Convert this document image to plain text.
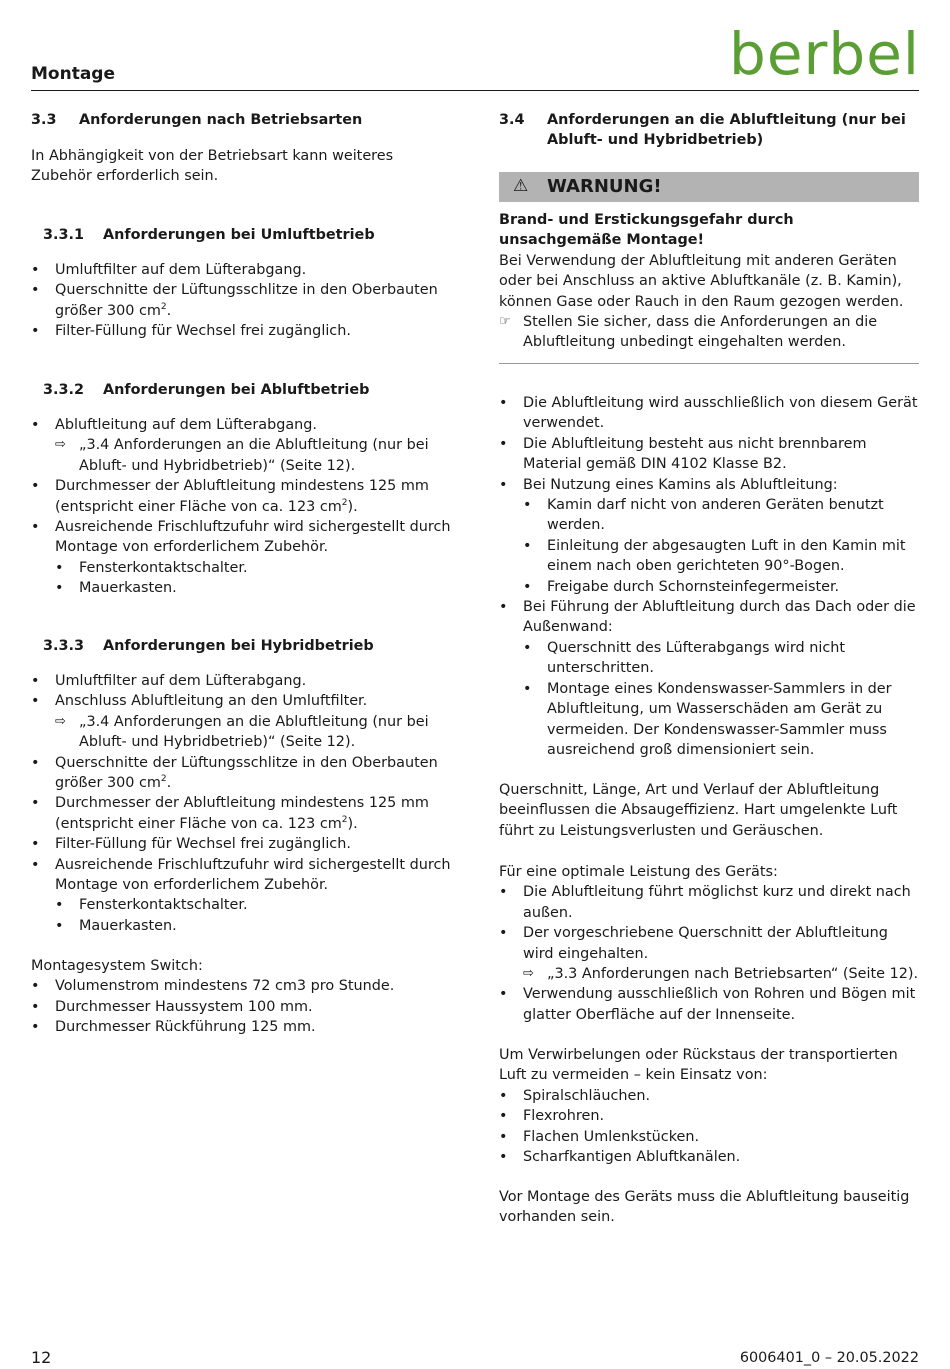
berbel
Montage

3.3 Anforderungen nach Betriebsarten

In Abhängigkeit von der Betriebsart kann weiteres Zubehör erforderlich sein.

3.3.1 Anforderungen bei Umluftbetrieb

• Umluftfilter auf dem Lüfterabgang.
• Querschnitte der Lüftungsschlitze in den Oberbauten größer 300 $cm^2$.
• Filter-Füllung für Wechsel frei zugänglich.

3.3.2 Anforderungen bei Abluftbetrieb

• Abluftleitung auf dem Lüfterabgang.
⇨ „3.4 Anforderungen an die Abluftleitung (nur bei Abluft- und Hybridbetrieb)“ (Seite 12).
• Durchmesser der Abluftleitung mindestens 125 mm (entspricht einer Fläche von ca. 123 $cm^2$).
• Ausreichende Frischluftzufuhr wird sichergestellt durch Montage von erforderlichem Zubehör.
• Fensterkontaktschalter.
• Mauerkasten.

3.3.3 Anforderungen bei Hybridbetrieb

• Umluftfilter auf dem Lüfterabgang.
• Anschluss Abluftleitung an den Umluftfilter.
⇨ „3.4 Anforderungen an die Abluftleitung (nur bei Abluft- und Hybridbetrieb)“ (Seite 12).
• Querschnitte der Lüftungsschlitze in den Oberbauten größer 300 $cm^2$.
• Durchmesser der Abluftleitung mindestens 125 mm (entspricht einer Fläche von ca. 123 $cm^2$).
• Filter-Füllung für Wechsel frei zugänglich.
• Ausreichende Frischluftzufuhr wird sichergestellt durch Montage von erforderlichem Zubehör.
• Fensterkontaktschalter.
• Mauerkasten.

Montagesystem Switch:

• Volumenstrom mindestens 72 cm3 pro Stunde.
• Durchmesser Haussystem 100 mm.
• Durchmesser Rückführung 125 mm.

3.4 Anforderungen an die Abluftleitung (nur bei Abluft- und Hybridbetrieb)

⚠ WARNUNG!

Brand- und Erstickungsgefahr durch unsachgemäße Montage!

Bei Verwendung der Abluftleitung mit anderen Geräten oder bei Anschluss an aktive Abluftkanäle (z. B. Kamin), können Gase oder Rauch in den Raum gezogen werden.

☞ Stellen Sie sicher, dass die Anforderungen an die Abluftleitung unbedingt eingehalten werden.
• Die Abluftleitung wird ausschließlich von diesem Gerät verwendet.
• Die Abluftleitung besteht aus nicht brennbarem Material gemäß DIN 4102 Klasse B2.
• Bei Nutzung eines Kamins als Abluftleitung:
• Kamin darf nicht von anderen Geräten benutzt werden.
• Einleitung der abgesaugten Luft in den Kamin mit einem nach oben gerichteten 90°-Bogen.
• Freigabe durch Schornsteinfegermeister.
• Bei Führung der Abluftleitung durch das Dach oder die Außenwand:
• Querschnitt des Lüfterabgangs wird nicht unterschritten.
• Montage eines Kondenswasser-Sammlers in der Abluftleitung, um Wasserschäden am Gerät zu vermeiden. Der Kondenswasser-Sammler muss ausreichend groß dimensioniert sein.

Querschnitt, Länge, Art und Verlauf der Abluftleitung beeinflussen die Absaugeffizienz. Hart umgelenkte Luft führt zu Leistungsverlusten und Geräuschen.

Für eine optimale Leistung des Geräts:

• Die Abluftleitung führt möglichst kurz und direkt nach außen.
• Der vorgeschriebene Querschnitt der Abluftleitung wird eingehalten.
⇨ „3.3 Anforderungen nach Betriebsarten“ (Seite 12).
• Verwendung ausschließlich von Rohren und Bögen mit glatter Oberfläche auf der Innenseite.

Um Verwirbelungen oder Rückstaus der transportierten Luft zu vermeiden – kein Einsatz von:

• Spiralschläuchen.
• Flexrohren.
• Flachen Umlenkstücken.
• Scharfkantigen Abluftkanälen.

Vor Montage des Geräts muss die Abluftleitung bauseitig vorhanden sein.

12	6006401_0 – 20.05.2022
